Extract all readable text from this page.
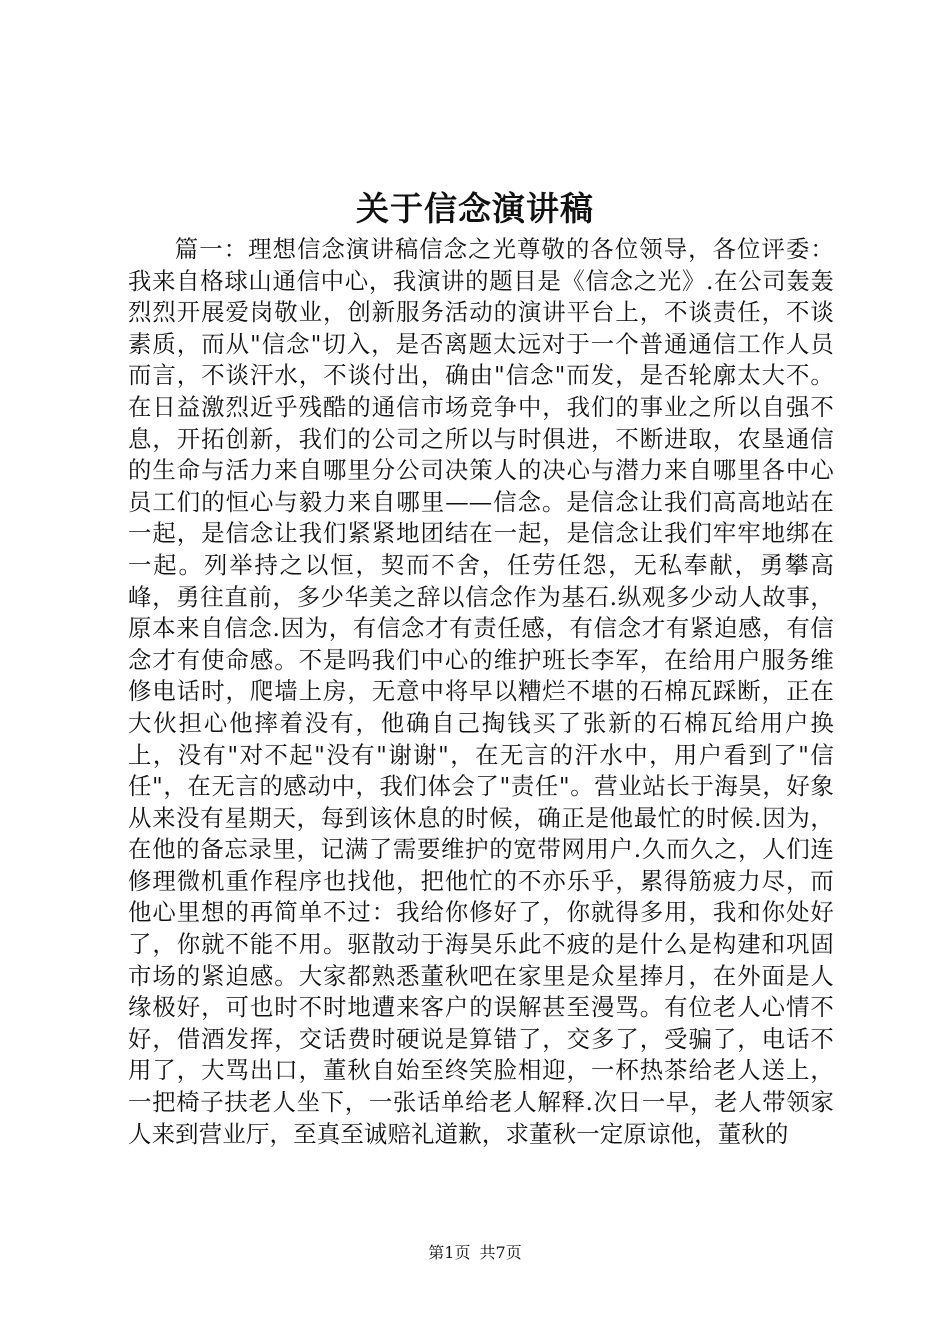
关于信念演讲稿

篇一：理想信念演讲稿信念之光尊敬的各位领导，各位评委：我来自格球山通信中心，我演讲的题目是《信念之光》.在公司轰轰烈烈开展爱岗敬业，创新服务活动的演讲平台上，不谈责任，不谈素质，而从"信念"切入，是否离题太远对于一个普通通信工作人员而言，不谈汗水，不谈付出，确由"信念"而发，是否轮廓太大不。在日益激烈近乎残酷的通信市场竞争中，我们的事业之所以自强不息，开拓创新，我们的公司之所以与时俱进，不断进取，农垦通信的生命与活力来自哪里分公司决策人的决心与潜力来自哪里各中心员工们的恒心与毅力来自哪里——信念。是信念让我们高高地站在一起，是信念让我们紧紧地团结在一起，是信念让我们牢牢地绑在一起。列举持之以恒，契而不舍，任劳任怨，无私奉献，勇攀高峰，勇往直前，多少华美之辞以信念作为基石.纵观多少动人故事，原本来自信念.因为，有信念才有责任感，有信念才有紧迫感，有信念才有使命感。不是吗我们中心的维护班长李军，在给用户服务维修电话时，爬墙上房，无意中将早以糟烂不堪的石棉瓦踩断，正在大伙担心他摔着没有，他确自己掏钱买了张新的石棉瓦给用户换上，没有"对不起"没有"谢谢"，在无言的汗水中，用户看到了"信任"，在无言的感动中，我们体会了"责任"。营业站长于海昊，好象从来没有星期天，每到该休息的时候，确正是他最忙的时候.因为，在他的备忘录里，记满了需要维护的宽带网用户.久而久之，人们连修理微机重作程序也找他，把他忙的不亦乐乎，累得筋疲力尽，而他心里想的再简单不过：我给你修好了，你就得多用，我和你处好了，你就不能不用。驱散动于海昊乐此不疲的是什么是构建和巩固市场的紧迫感。大家都熟悉董秋吧在家里是众星捧月，在外面是人缘极好，可也时不时地遭来客户的误解甚至漫骂。有位老人心情不好，借酒发挥，交话费时硬说是算错了，交多了，受骗了，电话不用了，大骂出口，董秋自始至终笑脸相迎，一杯热茶给老人送上，一把椅子扶老人坐下，一张话单给老人解释.次日一早，老人带领家人来到营业厅，至真至诚赔礼道歉，求董秋一定原谅他，董秋的

第1页 共7页
